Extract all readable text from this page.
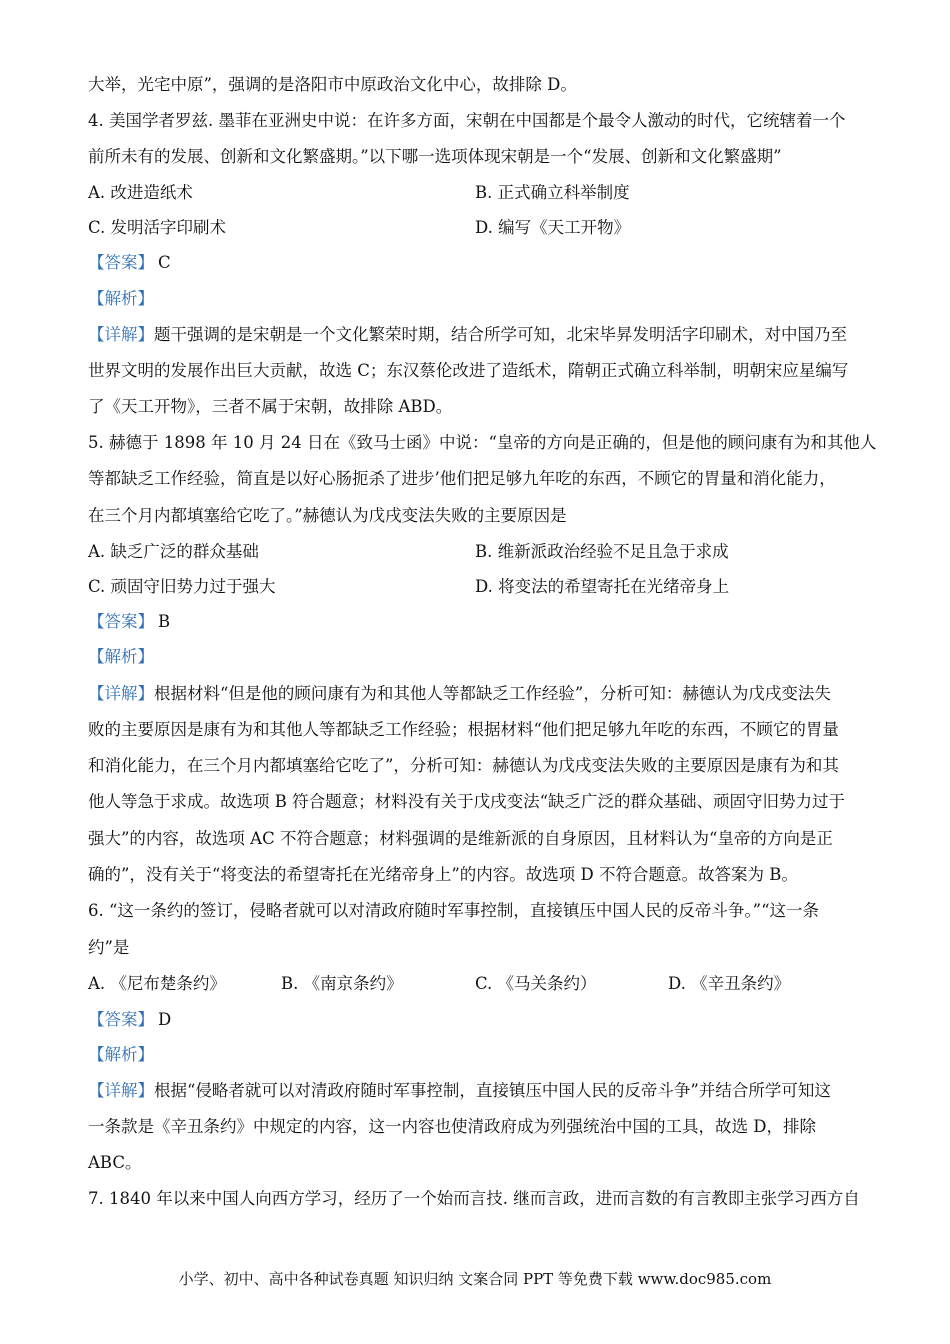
大举，光宅中原”，强调的是洛阳市中原政治文化中心，故排除 D。
4. 美国学者罗兹. 墨菲在亚洲史中说：在许多方面，宋朝在中国都是个最令人激动的时代，它统辖着一个
前所未有的发展、创新和文化繁盛期。”以下哪一选项体现宋朝是一个“发展、创新和文化繁盛期”
A. 改进造纸术	B. 正式确立科举制度
C. 发明活字印刷术	D. 编写《天工开物》
【答案】 C
【解析】
【详解】题干强调的是宋朝是一个文化繁荣时期，结合所学可知，北宋毕昇发明活字印刷术，对中国乃至
世界文明的发展作出巨大贡献，故选 C；东汉蔡伦改进了造纸术，隋朝正式确立科举制，明朝宋应星编写
了《天工开物》，三者不属于宋朝，故排除 ABD。
5. 赫德于 1898 年 10 月 24 日在《致马士函》中说：“皇帝的方向是正确的，但是他的顾问康有为和其他人
等都缺乏工作经验，简直是以好心肠扼杀了进步’他们把足够九年吃的东西，不顾它的胃量和消化能力，
在三个月内都填塞给它吃了。”赫德认为戊戌变法失败的主要原因是
A. 缺乏广泛的群众基础	B. 维新派政治经验不足且急于求成
C. 顽固守旧势力过于强大	D. 将变法的希望寄托在光绪帝身上
【答案】 B
【解析】
【详解】根据材料“但是他的顾问康有为和其他人等都缺乏工作经验”，分析可知：赫德认为戊戌变法失
败的主要原因是康有为和其他人等都缺乏工作经验；根据材料“他们把足够九年吃的东西，不顾它的胃量
和消化能力，在三个月内都填塞给它吃了”，分析可知：赫德认为戊戌变法失败的主要原因是康有为和其
他人等急于求成。故选项 B 符合题意；材料没有关于戊戌变法“缺乏广泛的群众基础、顽固守旧势力过于
强大”的内容，故选项 AC 不符合题意；材料强调的是维新派的自身原因，且材料认为“皇帝的方向是正
确的”，没有关于“将变法的希望寄托在光绪帝身上”的内容。故选项 D 不符合题意。故答案为 B。
6. “这一条约的签订，侵略者就可以对清政府随时军事控制，直接镇压中国人民的反帝斗争。”“这一条
约”是
A. 《尼布楚条约》	B. 《南京条约》	C. 《马关条约）	D. 《辛丑条约》
【答案】 D
【解析】
【详解】根据“侵略者就可以对清政府随时军事控制，直接镇压中国人民的反帝斗争”并结合所学可知这
一条款是《辛丑条约》中规定的内容，这一内容也使清政府成为列强统治中国的工具，故选 D，排除
ABC。
7. 1840 年以来中国人向西方学习，经历了一个始而言技. 继而言政，进而言数的有言教即主张学习西方自
小学、初中、高中各种试卷真题 知识归纳 文案合同 PPT 等免费下载 www.doc985.com
